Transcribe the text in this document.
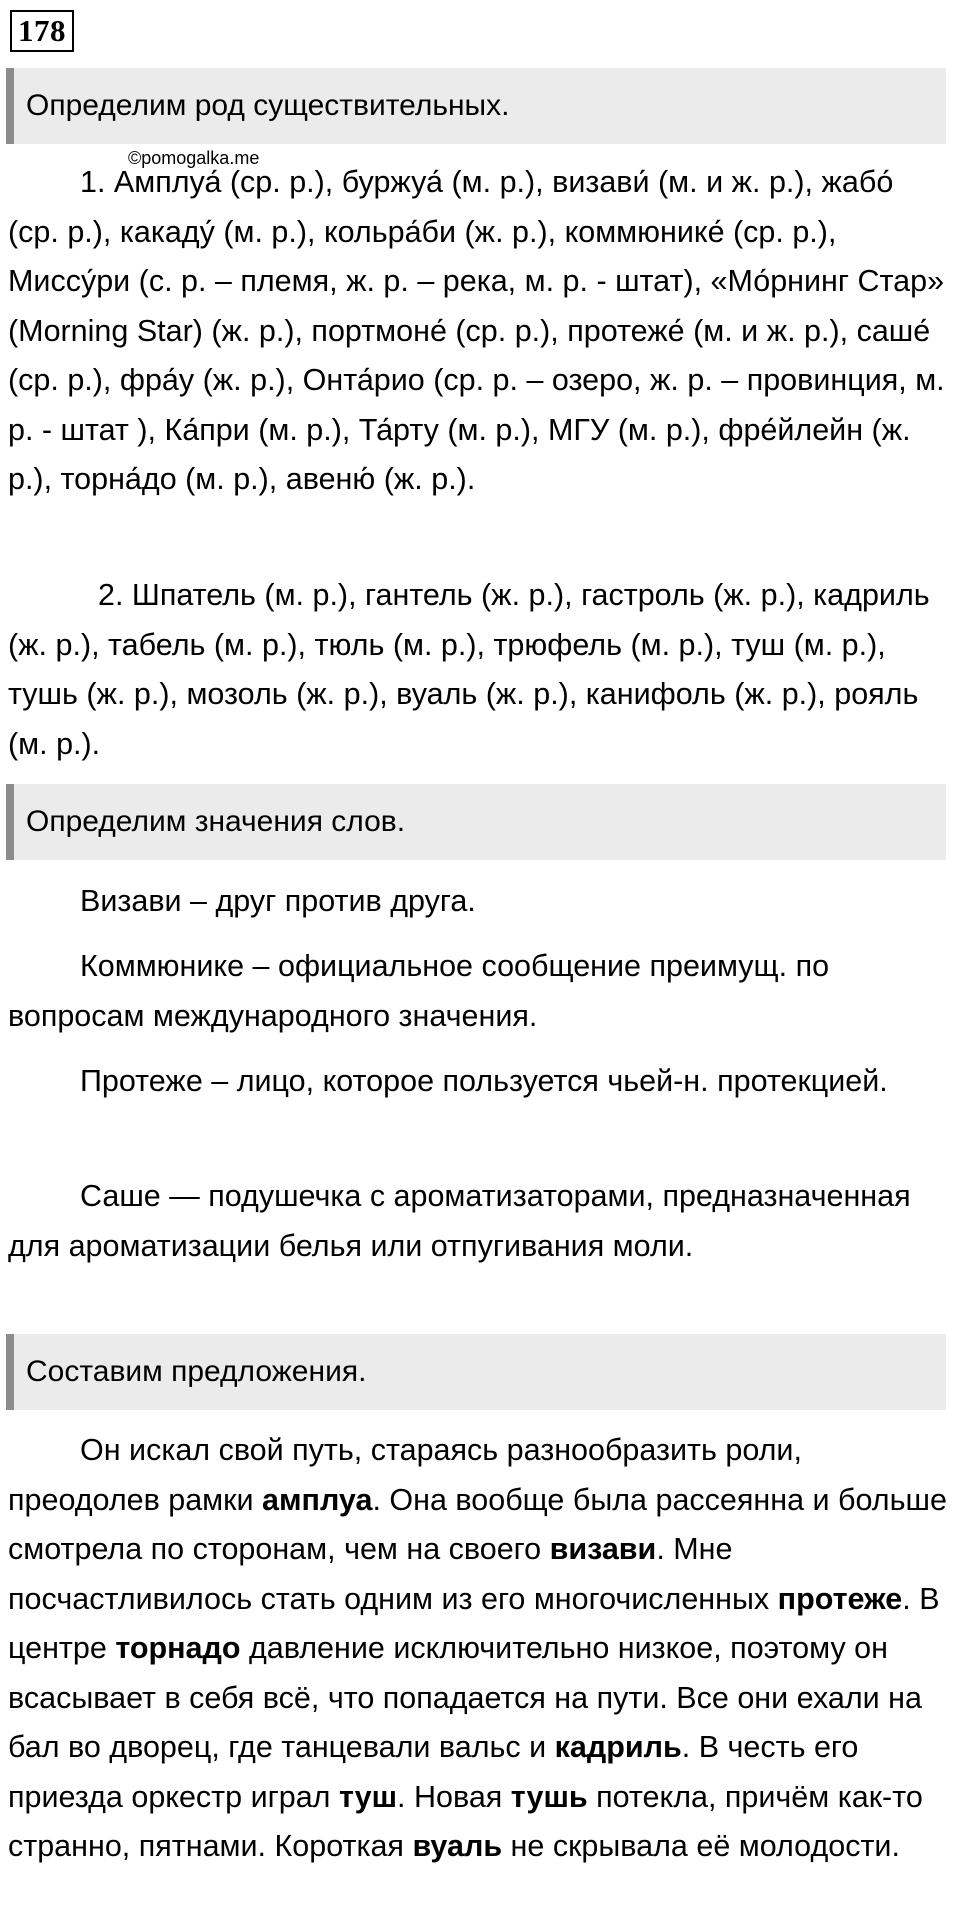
178
Определим род существительных.
©pomogalka.me

1. Амплуа́ (ср. р.), буржуа́ (м. р.), визави́ (м. и ж. р.), жабо́ (ср. р.), какаду́ (м. р.), кольра́би (ж. р.), коммюнике́ (ср. р.), Миссу́ри (с. р. – племя, ж. р. – река, м. р. - штат), «Мо́рнинг Стар» (Morning Star) (ж. р.), портмоне́ (ср. р.), протеже́ (м. и ж. р.), саше́ (ср. р.), фра́у (ж. р.), Онта́рио (ср. р. – озеро, ж. р. – провинция, м. р. - штат ), Ка́при (м. р.), Та́рту (м. р.), МГУ (м. р.), фре́йлейн (ж. р.), торна́до (м. р.), авеню́ (ж. р.).

2. Шпатель (м. р.), гантель (ж. р.), гастроль (ж. р.), кадриль (ж. р.), табель (м. р.), тюль (м. р.), трюфель (м. р.), туш (м. р.), тушь (ж. р.), мозоль (ж. р.), вуаль (ж. р.), канифоль (ж. р.), рояль (м. р.).

Определим значения слов.

Визави – друг против друга.

Коммюнике – официальное сообщение преимущ. по вопросам международного значения.

Протеже – лицо, которое пользуется чьей-н. протекцией.

Саше — подушечка с ароматизаторами, предназначенная для ароматизации белья или отпугивания моли.

Составим предложения.

Он искал свой путь, стараясь разнообразить роли, преодолев рамки амплуа. Она вообще была рассеянна и больше смотрела по сторонам, чем на своего визави. Мне посчастливилось стать одним из его многочисленных протеже. В центре торнадо давление исключительно низкое, поэтому он всасывает в себя всё, что попадается на пути. Все они ехали на бал во дворец, где танцевали вальс и кадриль. В честь его приезда оркестр играл туш. Новая тушь потекла, причём как-то странно, пятнами. Короткая вуаль не скрывала её молодости.
